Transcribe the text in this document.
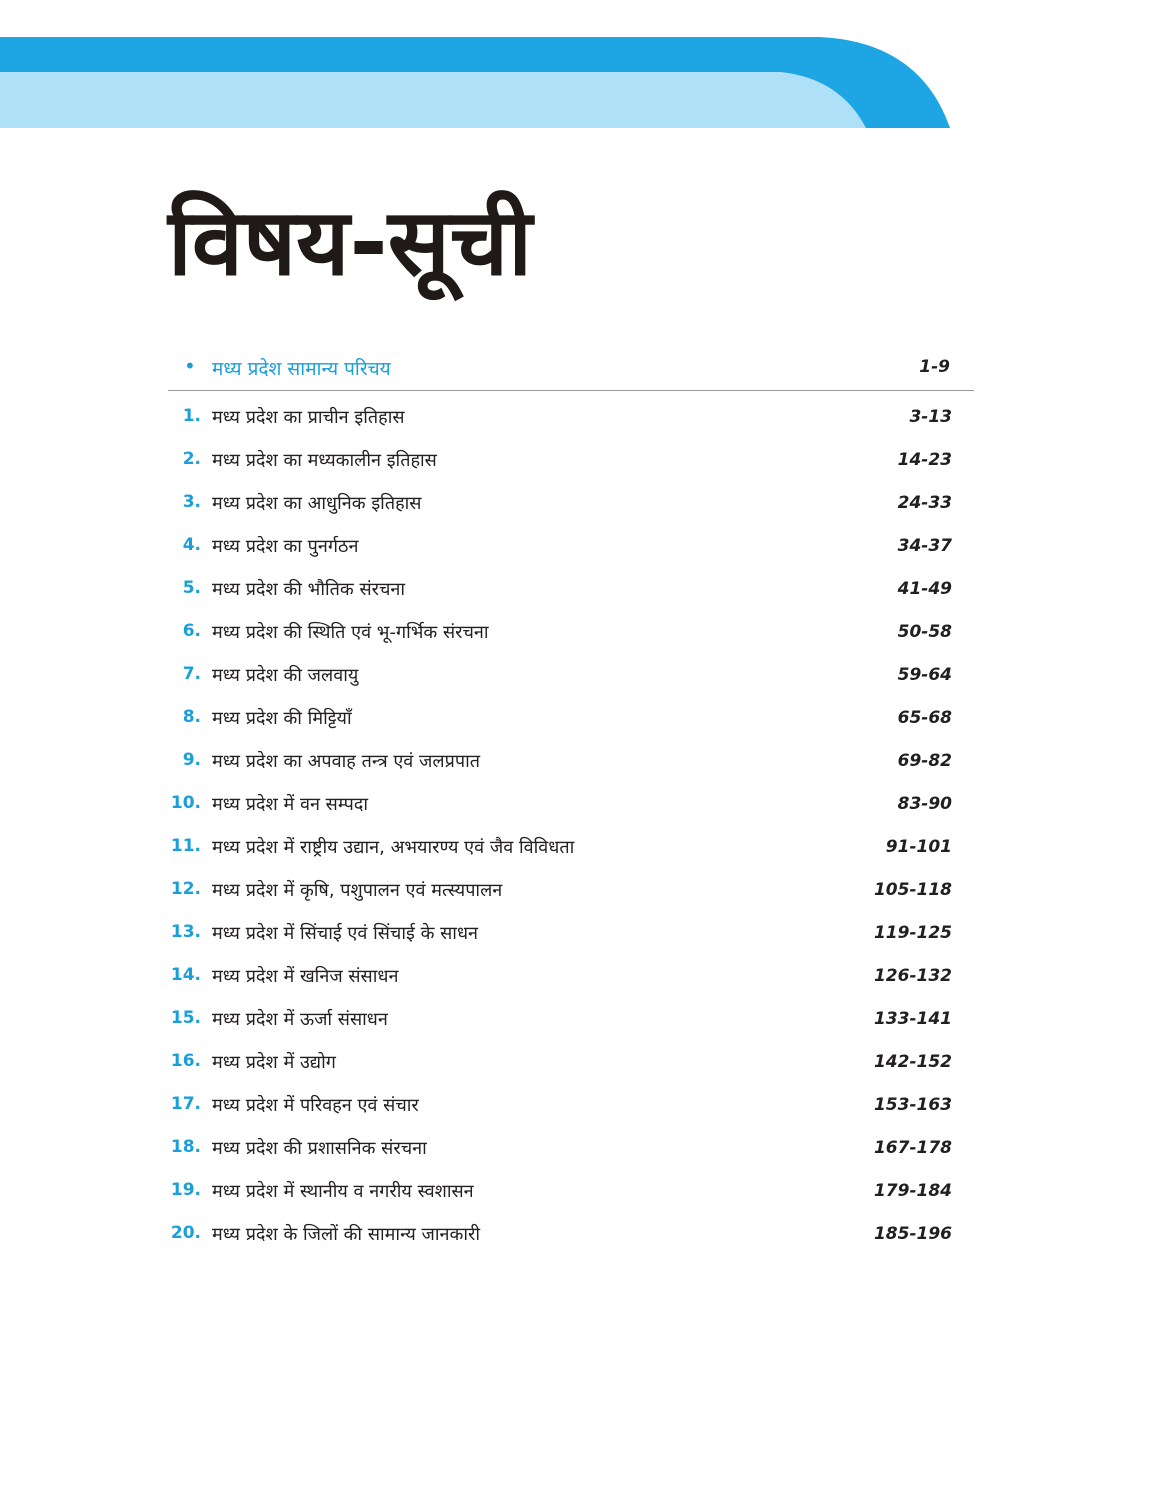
विषय-सूची
• मध्य प्रदेश सामान्य परिचय	1-9
1. मध्य प्रदेश का प्राचीन इतिहास	3-13
2. मध्य प्रदेश का मध्यकालीन इतिहास	14-23
3. मध्य प्रदेश का आधुनिक इतिहास	24-33
4. मध्य प्रदेश का पुनर्गठन	34-37
5. मध्य प्रदेश की भौतिक संरचना	41-49
6. मध्य प्रदेश की स्थिति एवं भू-गर्भिक संरचना	50-58
7. मध्य प्रदेश की जलवायु	59-64
8. मध्य प्रदेश की मिट्टियाँ	65-68
9. मध्य प्रदेश का अपवाह तन्त्र एवं जलप्रपात	69-82
10. मध्य प्रदेश में वन सम्पदा	83-90
11. मध्य प्रदेश में राष्ट्रीय उद्यान, अभयारण्य एवं जैव विविधता	91-101
12. मध्य प्रदेश में कृषि, पशुपालन एवं मत्स्यपालन	105-118
13. मध्य प्रदेश में सिंचाई एवं सिंचाई के साधन	119-125
14. मध्य प्रदेश में खनिज संसाधन	126-132
15. मध्य प्रदेश में ऊर्जा संसाधन	133-141
16. मध्य प्रदेश में उद्योग	142-152
17. मध्य प्रदेश में परिवहन एवं संचार	153-163
18. मध्य प्रदेश की प्रशासनिक संरचना	167-178
19. मध्य प्रदेश में स्थानीय व नगरीय स्वशासन	179-184
20. मध्य प्रदेश के जिलों की सामान्य जानकारी	185-196
